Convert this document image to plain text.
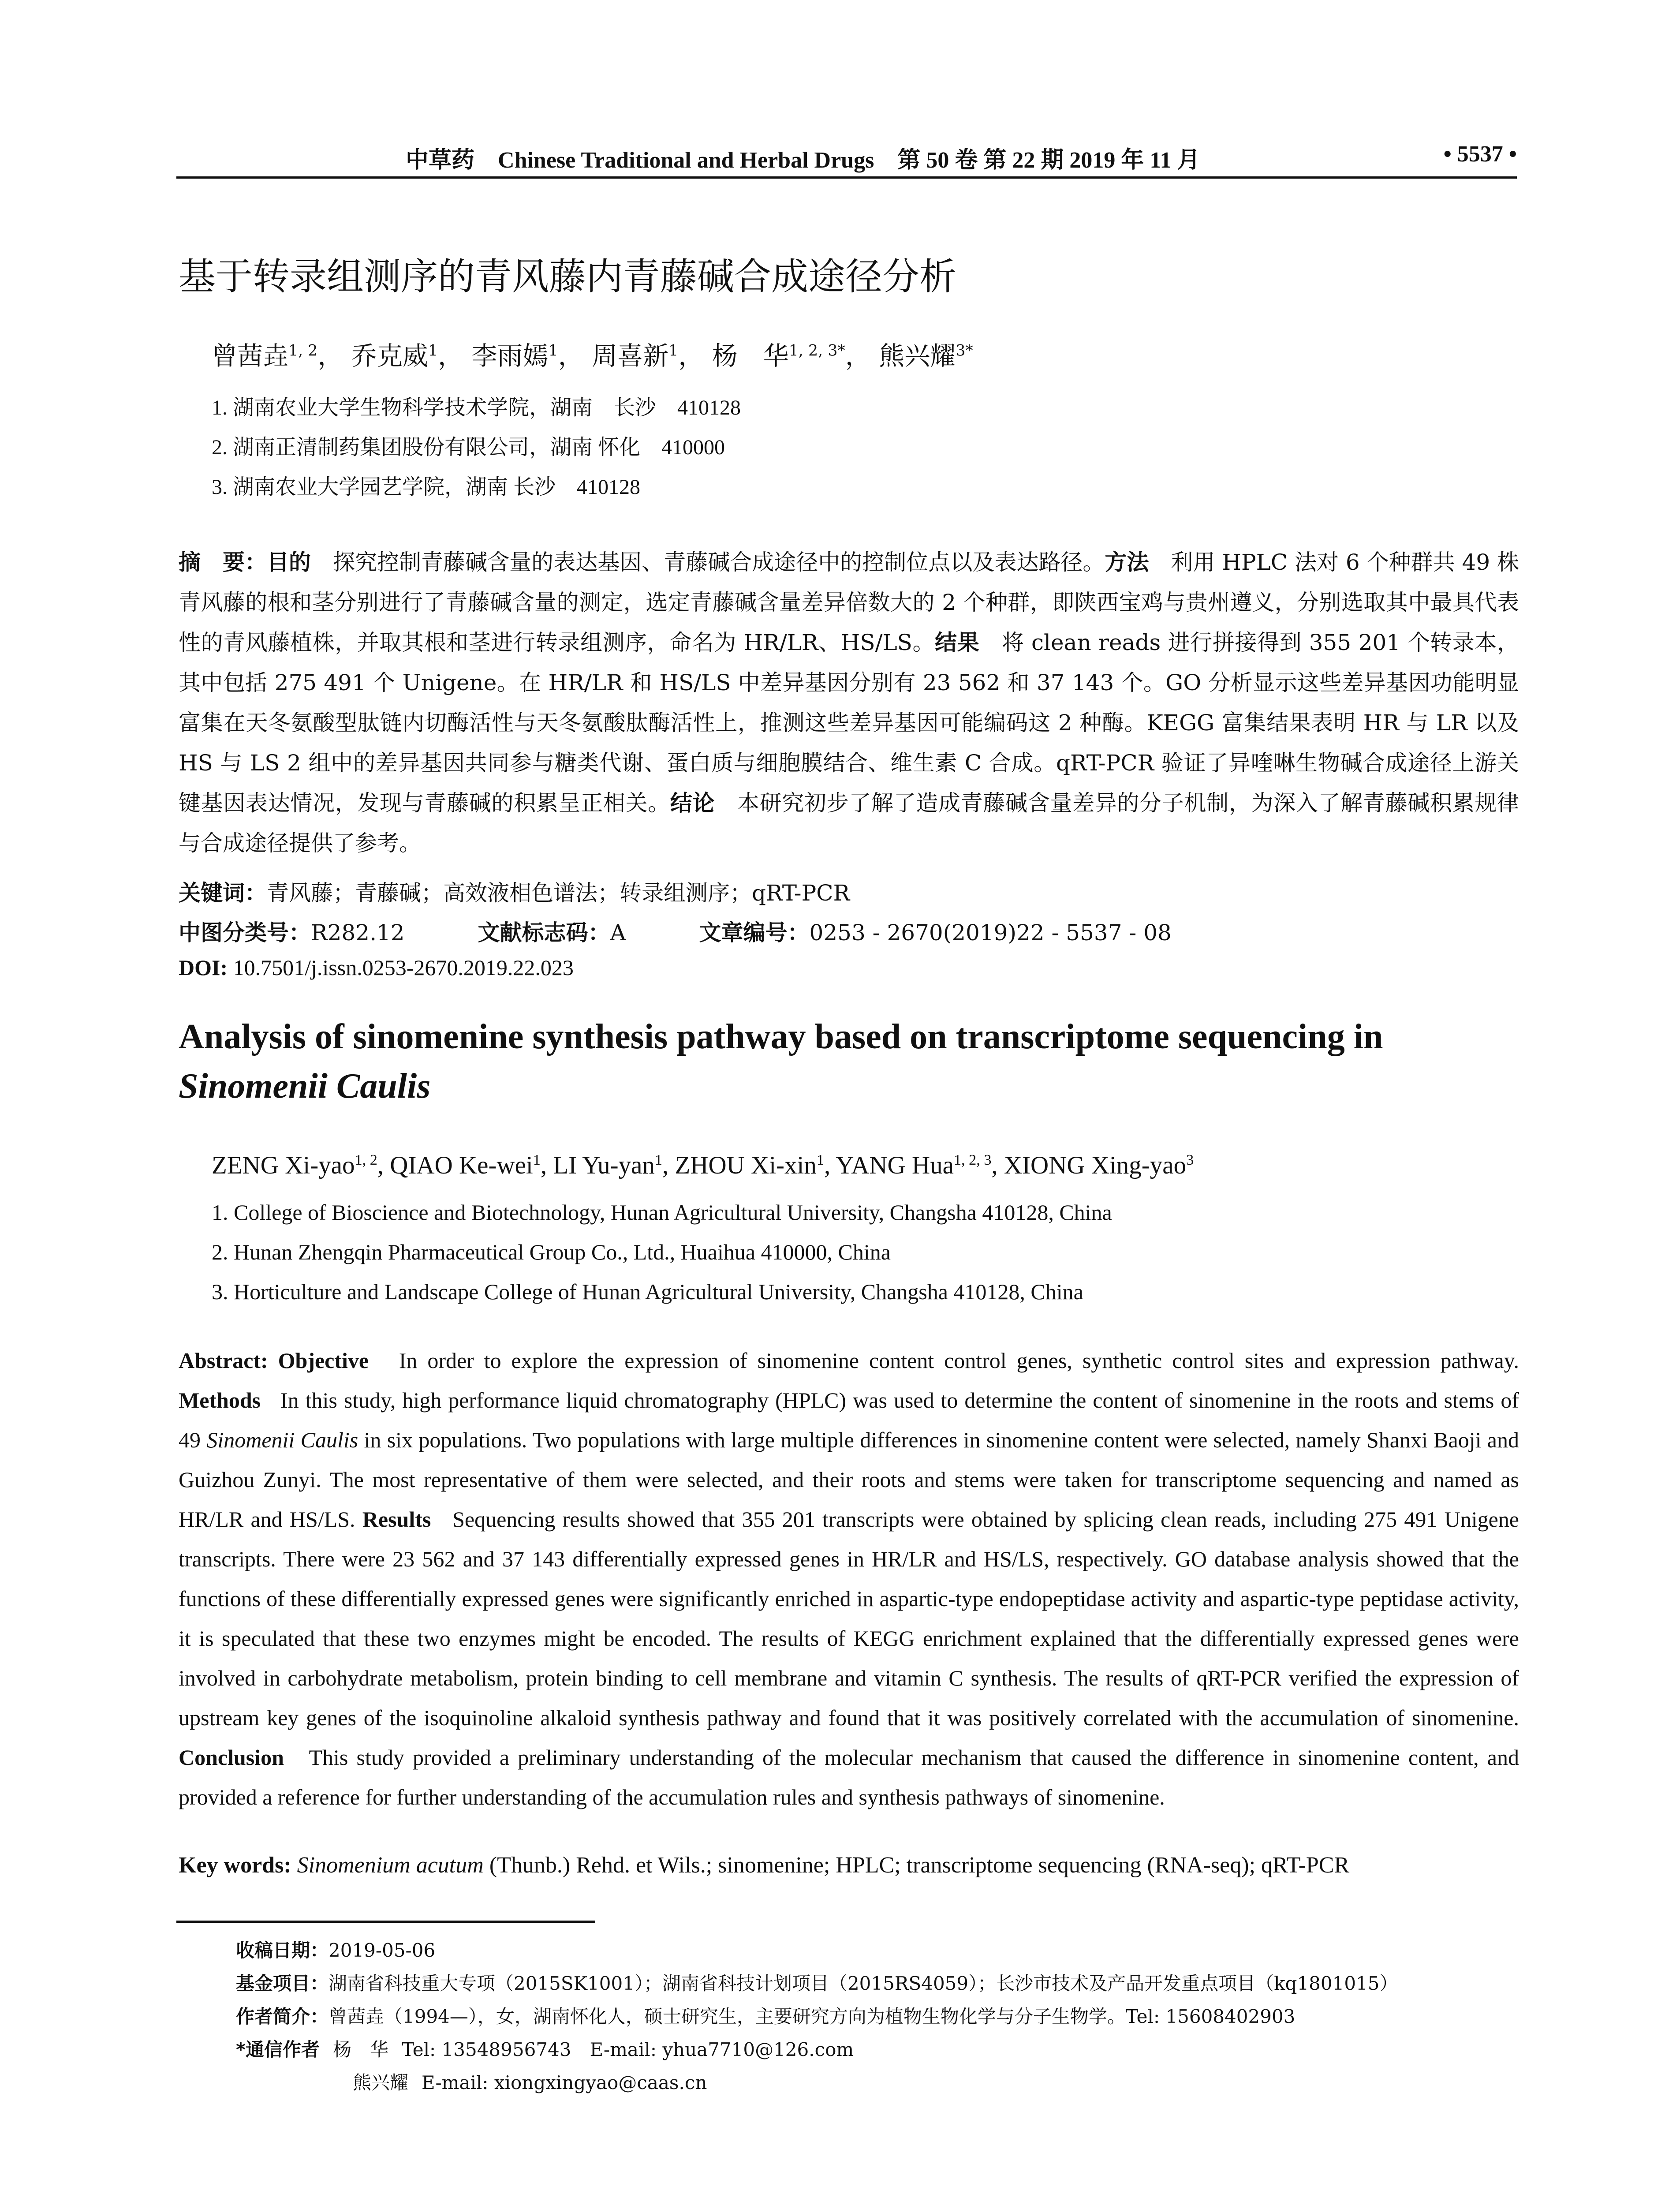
中草药 Chinese Traditional and Herbal Drugs 第 50 卷 第 22 期 2019 年 11 月	• 5537 •
基于转录组测序的青风藤内青藤碱合成途径分析
曾茜垚$^{1, 2}$， 乔克威$^1$， 李雨嫣$^1$， 周喜新$^1$， 杨　华$^{1, 2, 3*}$， 熊兴耀$^{3*}$
1. 湖南农业大学生物科学技术学院，湖南　长沙　410128
2. 湖南正清制药集团股份有限公司，湖南 怀化　410000
3. 湖南农业大学园艺学院，湖南 长沙　410128
摘　要：目的　 探究控制青藤碱含量的表达基因、青藤碱合成途径中的控制位点以及表达路径。方法　 利用 HPLC 法对 6 个种群共 49 株青风藤的根和茎分别进行了青藤碱含量的测定，选定青藤碱含量差异倍数大的 2 个种群，即陕西宝鸡与贵州遵义，分别选取其中最具代表性的青风藤植株，并取其根和茎进行转录组测序，命名为 HR/LR、HS/LS。结果　 将 clean reads 进行拼接得到 355 201 个转录本，其中包括 275 491 个 Unigene。在 HR/LR 和 HS/LS 中差异基因分别有 23 562 和 37 143 个。GO 分析显示这些差异基因功能明显富集在天冬氨酸型肽链内切酶活性与天冬氨酸肽酶活性上，推测这些差异基因可能编码这 2 种酶。KEGG 富集结果表明 HR 与 LR 以及 HS 与 LS 2 组中的差异基因共同参与糖类代谢、蛋白质与细胞膜结合、维生素 C 合成。qRT-PCR 验证了异喹啉生物碱合成途径上游关键基因表达情况，发现与青藤碱的积累呈正相关。结论　 本研究初步了解了造成青藤碱含量差异的分子机制，为深入了解青藤碱积累规律与合成途径提供了参考。
关键词：青风藤；青藤碱；高效液相色谱法；转录组测序；qRT-PCR
中图分类号：R282.12	文献标志码：A	文章编号：0253 - 2670(2019)22 - 5537 - 08
DOI: 10.7501/j.issn.0253-2670.2019.22.023
Analysis of sinomenine synthesis pathway based on transcriptome sequencing in
Sinomenii Caulis
ZENG Xi-yao$^{1, 2}$, QIAO Ke-wei$^1$, LI Yu-yan$^1$, ZHOU Xi-xin$^1$, YANG Hua$^{1, 2, 3}$, XIONG Xing-yao$^3$
1. College of Bioscience and Biotechnology, Hunan Agricultural University, Changsha 410128, China
2. Hunan Zhengqin Pharmaceutical Group Co., Ltd., Huaihua 410000, China
3. Horticulture and Landscape College of Hunan Agricultural University, Changsha 410128, China
Abstract: Objective In order to explore the expression of sinomenine content control genes, synthetic control sites and expression pathway. Methods In this study, high performance liquid chromatography (HPLC) was used to determine the content of sinomenine in the roots and stems of 49 Sinomenii Caulis in six populations. Two populations with large multiple differences in sinomenine content were selected, namely Shanxi Baoji and Guizhou Zunyi. The most representative of them were selected, and their roots and stems were taken for transcriptome sequencing and named as HR/LR and HS/LS. Results Sequencing results showed that 355 201 transcripts were obtained by splicing clean reads, including 275 491 Unigene transcripts. There were 23 562 and 37 143 differentially expressed genes in HR/LR and HS/LS, respectively. GO database analysis showed that the functions of these differentially expressed genes were significantly enriched in aspartic-type endopeptidase activity and aspartic-type peptidase activity, it is speculated that these two enzymes might be encoded. The results of KEGG enrichment explained that the differentially expressed genes were involved in carbohydrate metabolism, protein binding to cell membrane and vitamin C synthesis. The results of qRT-PCR verified the expression of upstream key genes of the isoquinoline alkaloid synthesis pathway and found that it was positively correlated with the accumulation of sinomenine. Conclusion This study provided a preliminary understanding of the molecular mechanism that caused the difference in sinomenine content, and provided a reference for further understanding of the accumulation rules and synthesis pathways of sinomenine.
Key words: Sinomenium acutum (Thunb.) Rehd. et Wils.; sinomenine; HPLC; transcriptome sequencing (RNA-seq); qRT-PCR
收稿日期：2019-05-06
基金项目：湖南省科技重大专项（2015SK1001）；湖南省科技计划项目（2015RS4059）；长沙市技术及产品开发重点项目（kq1801015）
作者简介：曾茜垚（1994—），女，湖南怀化人，硕士研究生，主要研究方向为植物生物化学与分子生物学。Tel: 15608402903
*通信作者 杨　华 Tel: 13548956743　E-mail: yhua7710@126.com
熊兴耀 E-mail: xiongxingyao@caas.cn
